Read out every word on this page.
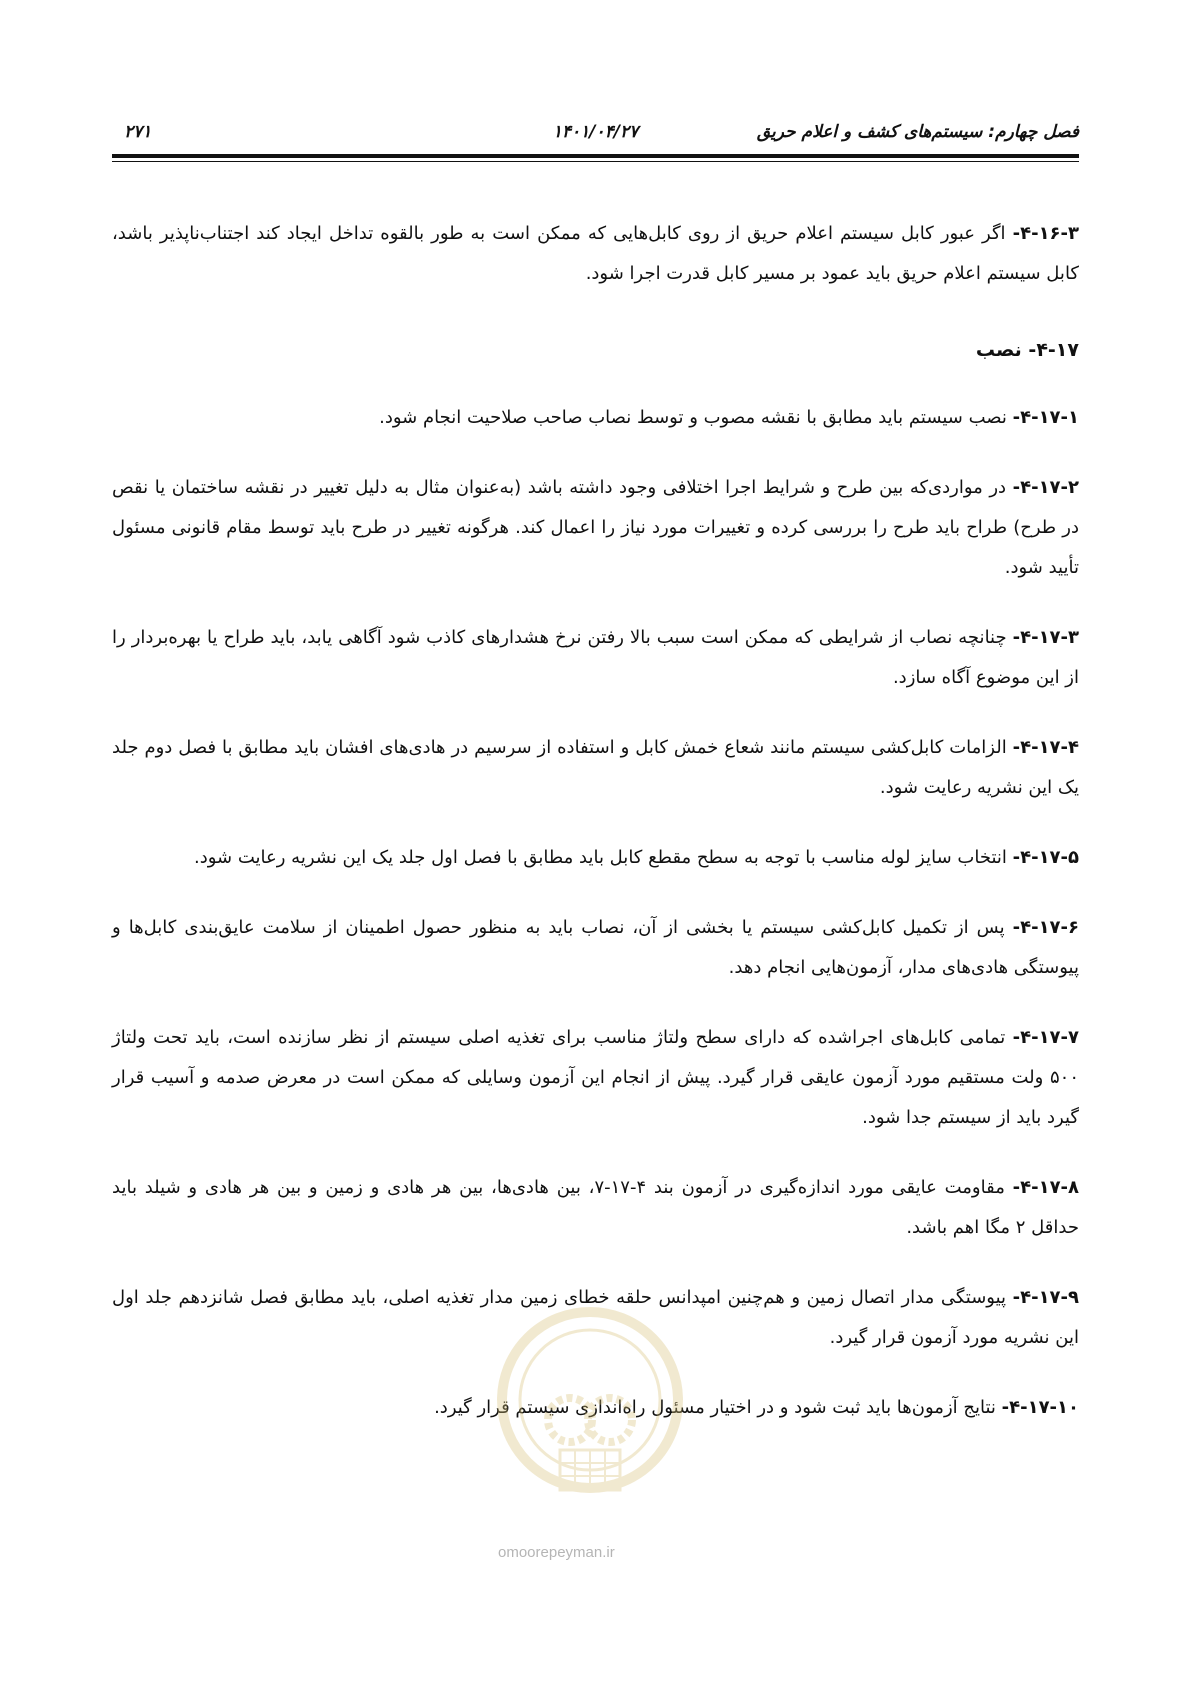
۲۷۱	۱۴۰۱/۰۴/۲۷	فصل چهارم: سیستم‌های کشف و اعلام حریق

۴-۱۶-۳- اگر عبور کابل سیستم اعلام حریق از روی کابل‌هایی که ممکن است به طور بالقوه تداخل ایجاد کند اجتناب‌ناپذیر باشد، کابل سیستم اعلام حریق باید عمود بر مسیر کابل قدرت اجرا شود.

۴-۱۷- نصب

۴-۱۷-۱- نصب سیستم باید مطابق با نقشه مصوب و توسط نصاب صاحب صلاحیت انجام شود.

۴-۱۷-۲- در مواردی‌که بین طرح و شرایط اجرا اختلافی وجود داشته باشد (به‌عنوان مثال به دلیل تغییر در نقشه ساختمان یا نقص در طرح) طراح باید طرح را بررسی کرده و تغییرات مورد نیاز را اعمال کند. هرگونه تغییر در طرح باید توسط مقام قانونی مسئول تأیید شود.

۴-۱۷-۳- چنانچه نصاب از شرایطی که ممکن است سبب بالا رفتن نرخ هشدارهای کاذب شود آگاهی یابد، باید طراح یا بهره‌بردار را از این موضوع آگاه سازد.

۴-۱۷-۴- الزامات کابل‌کشی سیستم مانند شعاع خمش کابل و استفاده از سرسیم در هادی‌های افشان باید مطابق با فصل دوم جلد یک این نشریه رعایت شود.

۴-۱۷-۵- انتخاب سایز لوله مناسب با توجه به سطح مقطع کابل باید مطابق با فصل اول جلد یک این نشریه رعایت شود.

۴-۱۷-۶- پس از تکمیل کابل‌کشی سیستم یا بخشی از آن، نصاب باید به منظور حصول اطمینان از سلامت عایق‌بندی کابل‌ها و پیوستگی هادی‌های مدار، آزمون‌هایی انجام دهد.

۴-۱۷-۷- تمامی کابل‌های اجراشده که دارای سطح ولتاژ مناسب برای تغذیه اصلی سیستم از نظر سازنده است، باید تحت ولتاژ ۵۰۰ ولت مستقیم مورد آزمون عایقی قرار گیرد. پیش از انجام این آزمون وسایلی که ممکن است در معرض صدمه و آسیب قرار گیرد باید از سیستم جدا شود.

۴-۱۷-۸- مقاومت عایقی مورد اندازه‌گیری در آزمون بند ۴-۱۷-۷، بین هادی‌ها، بین هر هادی و زمین و بین هر هادی و شیلد باید حداقل ۲ مگا اهم باشد.

۴-۱۷-۹- پیوستگی مدار اتصال زمین و هم‌چنین امپدانس حلقه خطای زمین مدار تغذیه اصلی، باید مطابق فصل شانزدهم جلد اول این نشریه مورد آزمون قرار گیرد.

۴-۱۷-۱۰- نتایج آزمون‌ها باید ثبت شود و در اختیار مسئول راه‌اندازی سیستم قرار گیرد.

omoorepeyman.ir
